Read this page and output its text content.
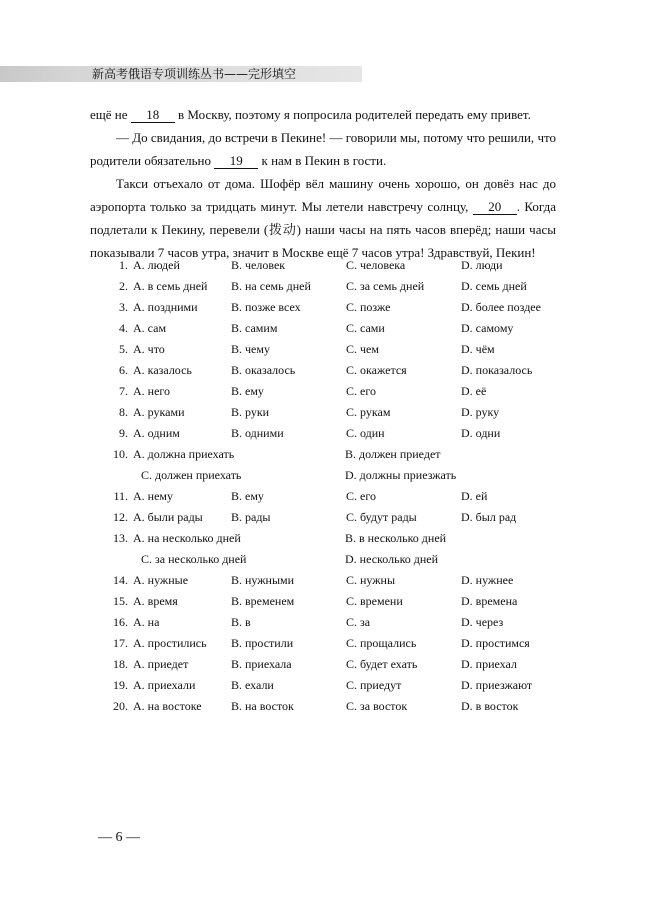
新高考俄语专项训练丛书——完形填空
ещё не 18 в Москву, поэтому я попросила родителей передать ему привет.
— До свидания, до встречи в Пекине! — говорили мы, потому что решили, что родители обязательно 19 к нам в Пекин в гости.
Такси отъехало от дома. Шофёр вёл машину очень хорошо, он довёз нас до аэропорта только за тридцать минут. Мы летели навстречу солнцу, 20 . Когда подлетали к Пекину, перевели (拨动) наши часы на пять часов вперёд; наши часы показывали 7 часов утра, значит в Москве ещё 7 часов утра! Здравствуй, Пекин!
1. A. людей	B. человек	C. человека	D. люди
2. A. в семь дней B. на семь дней	C. за семь дней	D. семь дней
3. A. поздними	B. позже всех	C. позже	D. более поздее
4. A. сам	B. самим	C. сами	D. самому
5. A. что	B. чему	C. чем	D. чём
6. A. казалось	B. оказалось	C. окажется	D. показалось
7. A. него	B. ему	C. его	D. её
8. A. руками	B. руки	C. рукам	D. руку
9. A. одним	B. одними	C. один	D. одни
10. A. должна приехать	B. должен приедет
C. должен приехать	D. должны приезжать
11. A. нему	B. ему	C. его	D. ей
12. A. были рады B. рады	C. будут рады	D. был рад
13. A. на несколько дней	B. в несколько дней
C. за несколько дней	D. несколько дней
14. A. нужные	B. нужными	C. нужны	D. нужнее
15. A. время	B. временем	C. времени	D. времена
16. A. на	B. в	C. за	D. через
17. A. простились B. простили	C. прощались	D. простимся
18. A. приедет	B. приехала	C. будет ехать	D. приехал
19. A. приехали	B. ехали	C. приедут	D. приезжают
20. A. на востоке B. на восток	C. за восток	D. в восток
— 6 —
